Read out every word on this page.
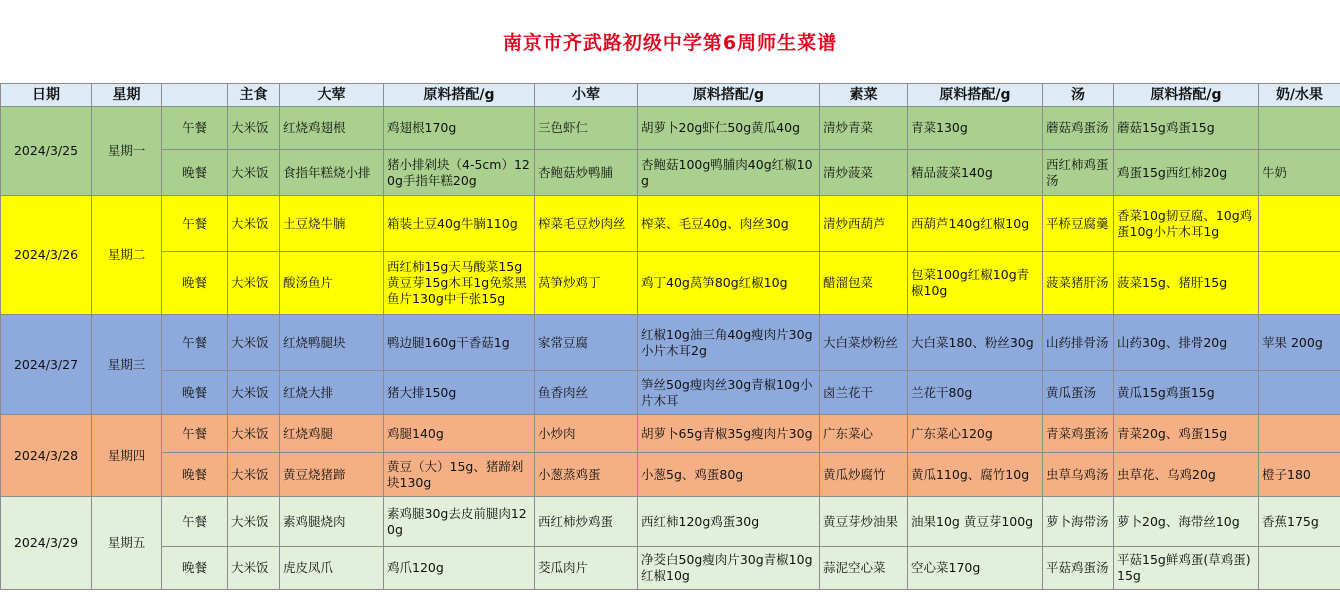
南京市齐武路初级中学第6周师生菜谱
日期	星期		主食	大荤	原料搭配/g	小荤	原料搭配/g	素菜	原料搭配/g	汤	原料搭配/g	奶/水果
2024/3/25	星期一	午餐	大米饭	红烧鸡翅根	鸡翅根170g	三色虾仁	胡萝卜20g虾仁50g黄瓜40g	清炒青菜	青菜130g	蘑菇鸡蛋汤	蘑菇15g鸡蛋15g	
		晚餐	大米饭	食指年糕烧小排	猪小排剁块（4-5cm）120g手指年糕20g	杏鲍菇炒鸭脯	杏鲍菇100g鸭脯肉40g红椒10g	清炒菠菜	精品菠菜140g	西红柿鸡蛋汤	鸡蛋15g西红柿20g	牛奶
2024/3/26	星期二	午餐	大米饭	土豆烧牛腩	箱装土豆40g牛腩110g	榨菜毛豆炒肉丝	榨菜、毛豆40g、肉丝30g	清炒西葫芦	西葫芦140g红椒10g	平桥豆腐羹	香菜10g韧豆腐、10g鸡蛋10g小片木耳1g	
		晚餐	大米饭	酸汤鱼片	西红柿15g天马酸菜15g黄豆芽15g木耳1g免浆黑鱼片130g中千张15g	莴笋炒鸡丁	鸡丁40g莴笋80g红椒10g	醋溜包菜	包菜100g红椒10g青椒10g	菠菜猪肝汤	菠菜15g、猪肝15g	
2024/3/27	星期三	午餐	大米饭	红烧鸭腿块	鸭边腿160g干香菇1g	家常豆腐	红椒10g油三角40g瘦肉片30g小片木耳2g	大白菜炒粉丝	大白菜180、粉丝30g	山药排骨汤	山药30g、排骨20g	苹果 200g
		晚餐	大米饭	红烧大排	猪大排150g	鱼香肉丝	笋丝50g瘦肉丝30g青椒10g小片木耳	卤兰花干	兰花干80g	黄瓜蛋汤	黄瓜15g鸡蛋15g	
2024/3/28	星期四	午餐	大米饭	红烧鸡腿	鸡腿140g	小炒肉	胡萝卜65g青椒35g瘦肉片30g	广东菜心	广东菜心120g	青菜鸡蛋汤	青菜20g、鸡蛋15g	
		晚餐	大米饭	黄豆烧猪蹄	黄豆（大）15g、猪蹄剁块130g	小葱蒸鸡蛋	小葱5g、鸡蛋80g	黄瓜炒腐竹	黄瓜110g、腐竹10g	虫草乌鸡汤	虫草花、乌鸡20g	橙子180
2024/3/29	星期五	午餐	大米饭	素鸡腿烧肉	素鸡腿30g去皮前腿肉120g	西红柿炒鸡蛋	西红柿120g鸡蛋30g	黄豆芽炒油果	油果10g 黄豆芽100g	萝卜海带汤	萝卜20g、海带丝10g	香蕉175g
		晚餐	大米饭	虎皮凤爪	鸡爪120g	茭瓜肉片	净茭白50g瘦肉片30g青椒10g红椒10g	蒜泥空心菜	空心菜170g	平菇鸡蛋汤	平菇15g鲜鸡蛋(草鸡蛋)15g	
